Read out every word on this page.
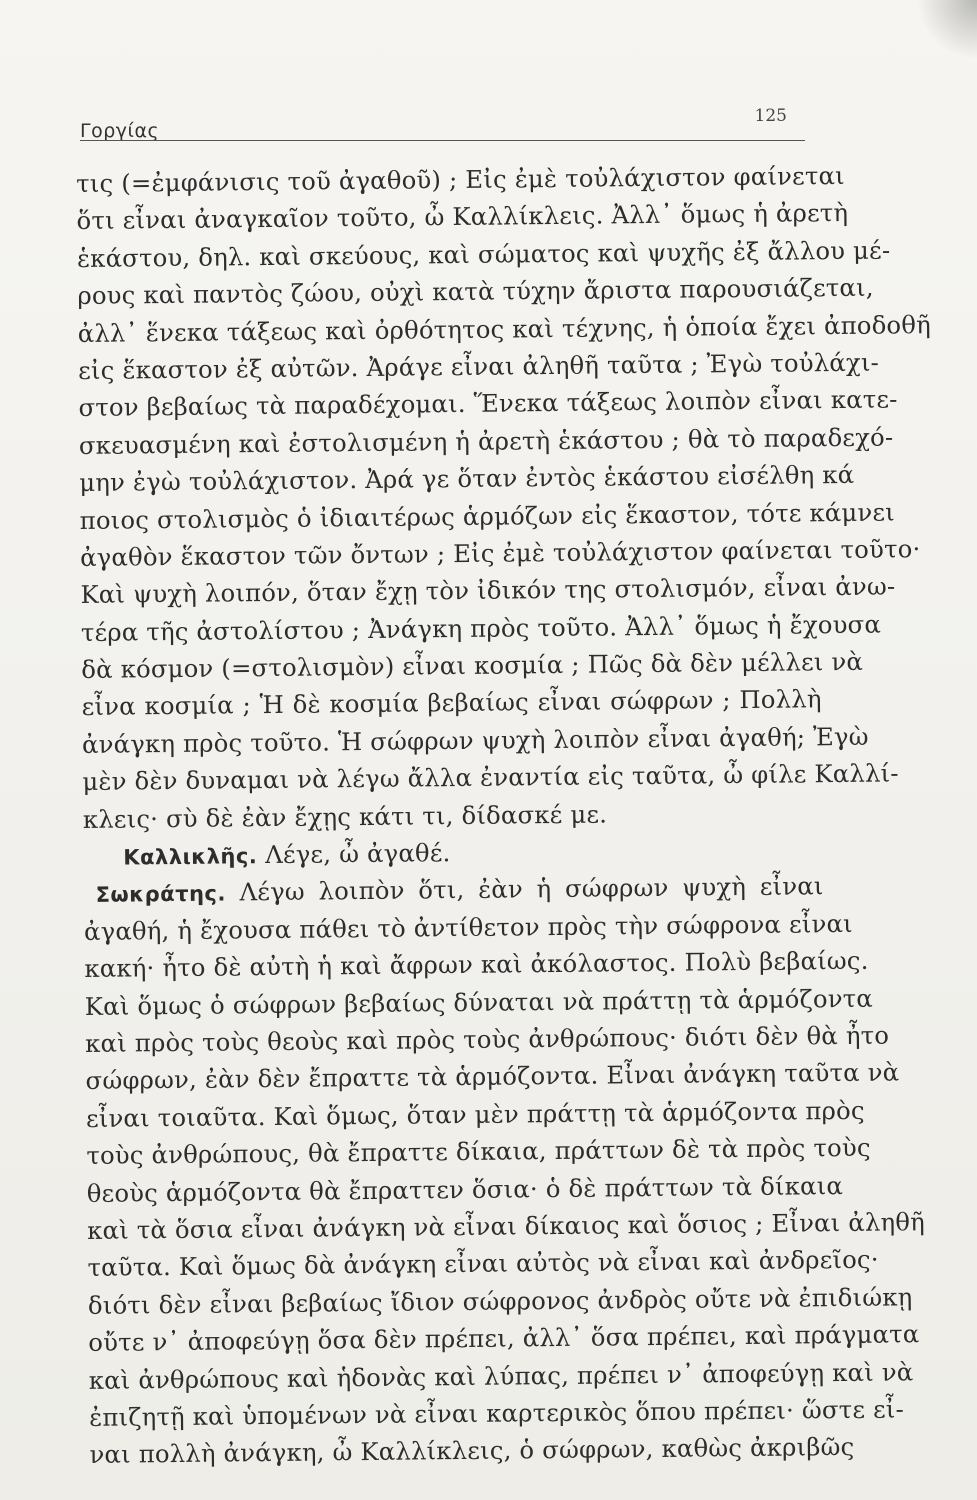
Γοργίας
125
τις (=ἐμφάνισις τοῦ ἀγαθοῦ) ; Εἰς ἐμὲ τοὐλάχιστον φαίνεται
ὅτι εἶναι ἀναγκαῖον τοῦτο, ὦ Καλλίκλεις. Ἀλλ᾽ ὅμως ἡ ἀρετὴ
ἑκάστου, δηλ. καὶ σκεύους, καὶ σώματος καὶ ψυχῆς ἐξ ἄλλου μέ-
ρους καὶ παντὸς ζώου, οὐχὶ κατὰ τύχην ἄριστα παρουσιάζεται,
ἀλλ᾽ ἕνεκα τάξεως καὶ ὀρθότητος καὶ τέχνης, ἡ ὁποία ἔχει ἀποδοθῆ
εἰς ἕκαστον ἐξ αὐτῶν. Ἀράγε εἶναι ἀληθῆ ταῦτα ; Ἐγὼ τοὐλάχι-
στον βεβαίως τὰ παραδέχομαι. Ἕνεκα τάξεως λοιπὸν εἶναι κατε-
σκευασμένη καὶ ἐστολισμένη ἡ ἀρετὴ ἑκάστου ; θὰ τὸ παραδεχό-
μην ἐγὼ τοὐλάχιστον. Ἀρά γε ὅταν ἐντὸς ἑκάστου εἰσέλθη κά
ποιος στολισμὸς ὁ ἰδιαιτέρως ἁρμόζων εἰς ἕκαστον, τότε κάμνει
ἀγαθὸν ἕκαστον τῶν ὄντων ; Εἰς ἐμὲ τοὐλάχιστον φαίνεται τοῦτο·
Καὶ ψυχὴ λοιπόν, ὅταν ἔχῃ τὸν ἰδικόν της στολισμόν, εἶναι ἀνω-
τέρα τῆς ἀστολίστου ; Ἀνάγκη πρὸς τοῦτο. Ἀλλ᾽ ὅμως ἡ ἔχουσα
δὰ κόσμον (=στολισμὸν) εἶναι κοσμία ; Πῶς δὰ δὲν μέλλει νὰ
εἶνα κοσμία ; Ἡ δὲ κοσμία βεβαίως εἶναι σώφρων ; Πολλὴ
ἀνάγκη πρὸς τοῦτο. Ἡ σώφρων ψυχὴ λοιπὸν εἶναι ἀγαθή; Ἐγὼ
μὲν δὲν δυναμαι νὰ λέγω ἄλλα ἐναντία εἰς ταῦτα, ὦ φίλε Καλλί-
κλεις· σὺ δὲ ἐὰν ἔχῃς κάτι τι, δίδασκέ με.
Καλλικλῆς. Λέγε, ὦ ἀγαθέ.
Σωκράτης. Λέγω λοιπὸν ὅτι, ἐὰν ἡ σώφρων ψυχὴ εἶναι
ἀγαθή, ἡ ἔχουσα πάθει τὸ ἀντίθετον πρὸς τὴν σώφρονα εἶναι
κακή· ἦτο δὲ αὐτὴ ἡ καὶ ἄφρων καὶ ἀκόλαστος. Πολὺ βεβαίως.
Καὶ ὅμως ὁ σώφρων βεβαίως δύναται νὰ πράττῃ τὰ ἁρμόζοντα
καὶ πρὸς τοὺς θεοὺς καὶ πρὸς τοὺς ἀνθρώπους· διότι δὲν θὰ ἦτο
σώφρων, ἐὰν δὲν ἔπραττε τὰ ἁρμόζοντα. Εἶναι ἀνάγκη ταῦτα νὰ
εἶναι τοιαῦτα. Καὶ ὅμως, ὅταν μὲν πράττῃ τὰ ἁρμόζοντα πρὸς
τοὺς ἀνθρώπους, θὰ ἔπραττε δίκαια, πράττων δὲ τὰ πρὸς τοὺς
θεοὺς ἁρμόζοντα θὰ ἔπραττεν ὅσια· ὁ δὲ πράττων τὰ δίκαια
καὶ τὰ ὅσια εἶναι ἀνάγκη νὰ εἶναι δίκαιος καὶ ὅσιος ; Εἶναι ἀληθῆ
ταῦτα. Καὶ ὅμως δὰ ἀνάγκη εἶναι αὐτὸς νὰ εἶναι καὶ ἀνδρεῖος·
διότι δὲν εἶναι βεβαίως ἴδιον σώφρονος ἀνδρὸς οὔτε νὰ ἐπιδιώκῃ
οὔτε ν᾽ ἀποφεύγῃ ὅσα δὲν πρέπει, ἀλλ᾽ ὅσα πρέπει, καὶ πράγματα
καὶ ἀνθρώπους καὶ ἡδονὰς καὶ λύπας, πρέπει ν᾽ ἀποφεύγῃ καὶ νὰ
ἐπιζητῇ καὶ ὑπομένων νὰ εἶναι καρτερικὸς ὅπου πρέπει· ὥστε εἶ-
ναι πολλὴ ἀνάγκη, ὦ Καλλίκλεις, ὁ σώφρων, καθὼς ἀκριβῶς
